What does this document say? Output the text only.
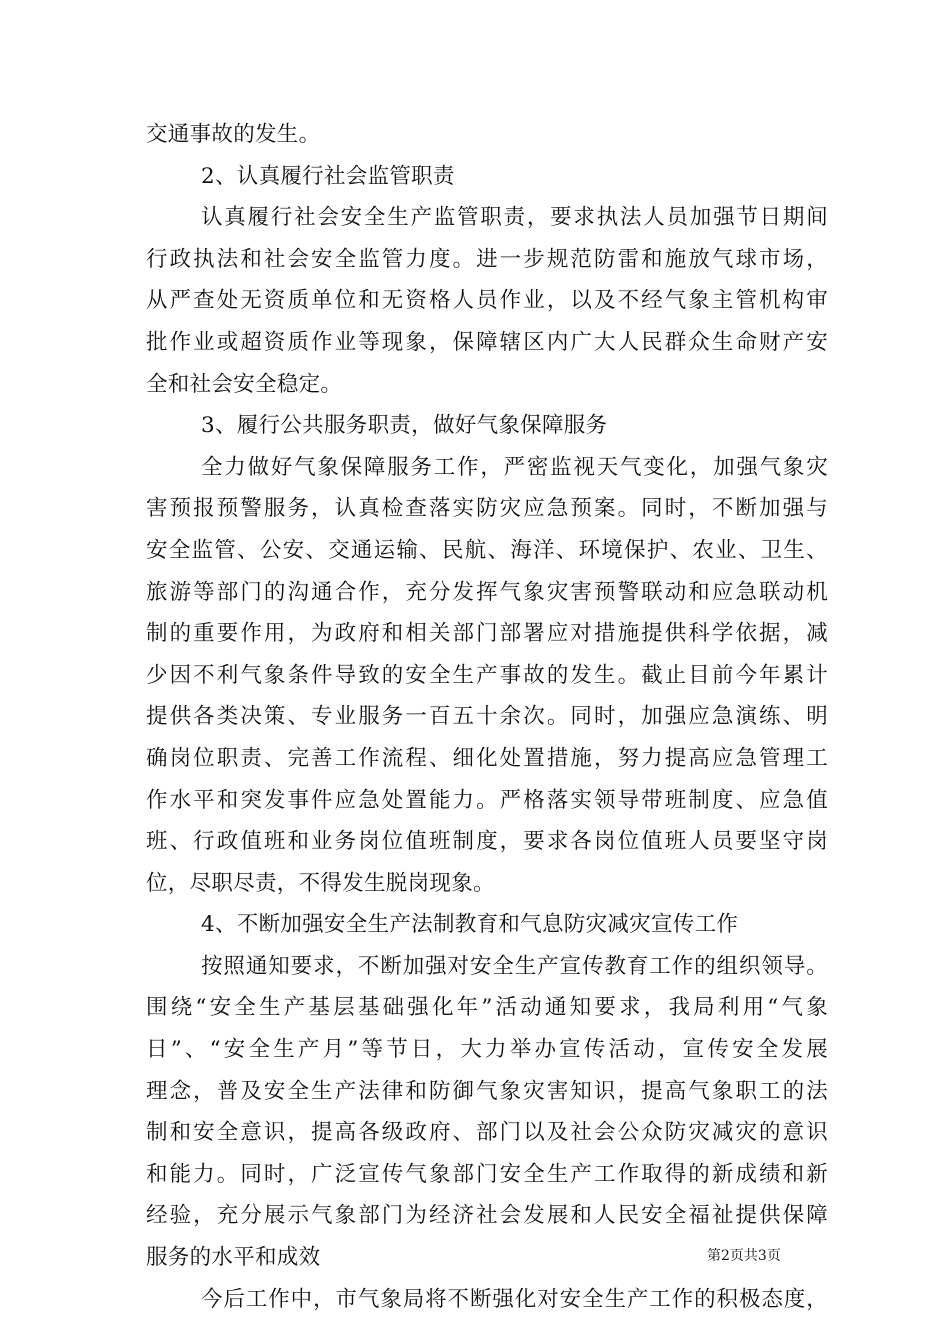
交通事故的发生。
2、认真履行社会监管职责
认真履行社会安全生产监管职责，要求执法人员加强节日期间
行政执法和社会安全监管力度。进一步规范防雷和施放气球市场，
从严查处无资质单位和无资格人员作业，以及不经气象主管机构审
批作业或超资质作业等现象，保障辖区内广大人民群众生命财产安
全和社会安全稳定。
3、履行公共服务职责，做好气象保障服务
全力做好气象保障服务工作，严密监视天气变化，加强气象灾
害预报预警服务，认真检查落实防灾应急预案。同时，不断加强与
安全监管、公安、交通运输、民航、海洋、环境保护、农业、卫生、
旅游等部门的沟通合作，充分发挥气象灾害预警联动和应急联动机
制的重要作用，为政府和相关部门部署应对措施提供科学依据，减
少因不利气象条件导致的安全生产事故的发生。截止目前今年累计
提供各类决策、专业服务一百五十余次。同时，加强应急演练、明
确岗位职责、完善工作流程、细化处置措施，努力提高应急管理工
作水平和突发事件应急处置能力。严格落实领导带班制度、应急值
班、行政值班和业务岗位值班制度，要求各岗位值班人员要坚守岗
位，尽职尽责，不得发生脱岗现象。
4、不断加强安全生产法制教育和气息防灾减灾宣传工作
按照通知要求，不断加强对安全生产宣传教育工作的组织领导。
围绕“安全生产基层基础强化年”活动通知要求，我局利用“气象
日”、“安全生产月”等节日，大力举办宣传活动，宣传安全发展
理念，普及安全生产法律和防御气象灾害知识，提高气象职工的法
制和安全意识，提高各级政府、部门以及社会公众防灾减灾的意识
和能力。同时，广泛宣传气象部门安全生产工作取得的新成绩和新
经验，充分展示气象部门为经济社会发展和人民安全福祉提供保障
服务的水平和成效
今后工作中，市气象局将不断强化对安全生产工作的积极态度，
第2页共3页
